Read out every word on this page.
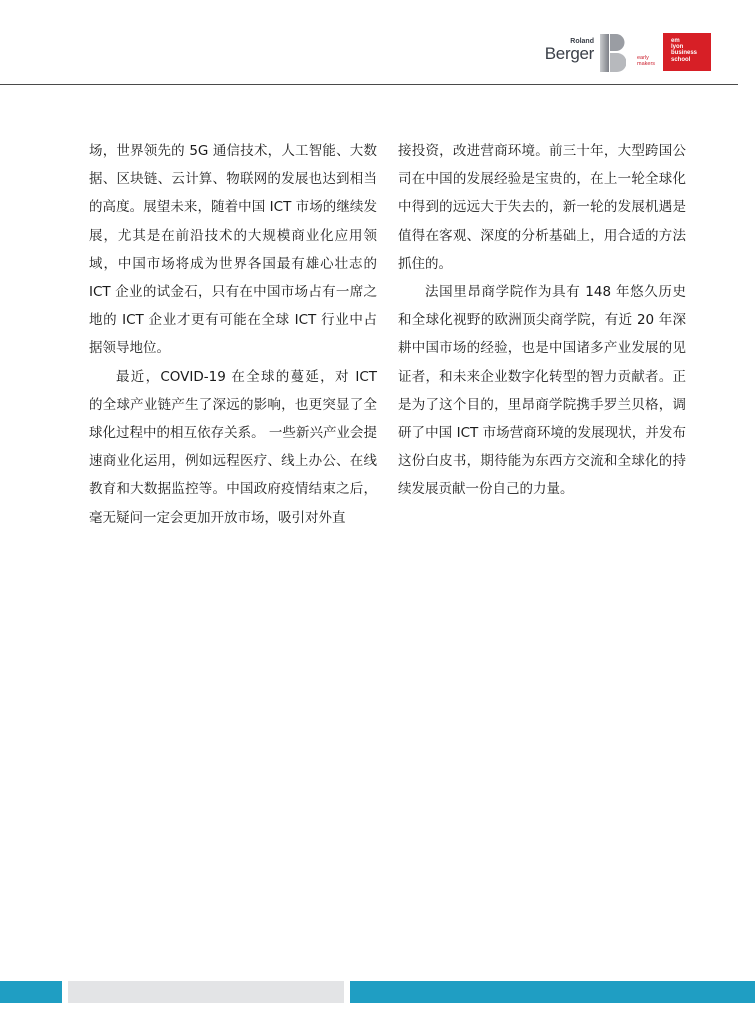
Roland
Berger	early makers
em
lyon
business
school

场，世界领先的 5G 通信技术，人工智能、大数据、区块链、云计算、物联网的发展也达到相当的高度。展望未来，随着中国 ICT 市场的继续发展，尤其是在前沿技术的大规模商业化应用领域，中国市场将成为世界各国最有雄心壮志的 ICT 企业的试金石，只有在中国市场占有一席之地的 ICT 企业才更有可能在全球 ICT 行业中占据领导地位。

最近，COVID-19 在全球的蔓延，对 ICT 的全球产业链产生了深远的影响，也更突显了全球化过程中的相互依存关系。 一些新兴产业会提速商业化运用，例如远程医疗、线上办公、在线教育和大数据监控等。中国政府疫情结束之后，毫无疑问一定会更加开放市场，吸引对外直

接投资，改进营商环境。前三十年，大型跨国公司在中国的发展经验是宝贵的，在上一轮全球化中得到的远远大于失去的，新一轮的发展机遇是值得在客观、深度的分析基础上，用合适的方法抓住的。

法国里昂商学院作为具有 148 年悠久历史和全球化视野的欧洲顶尖商学院，有近 20 年深耕中国市场的经验，也是中国诸多产业发展的见证者，和未来企业数字化转型的智力贡献者。正是为了这个目的，里昂商学院携手罗兰贝格，调研了中国 ICT 市场营商环境的发展现状，并发布这份白皮书，期待能为东西方交流和全球化的持续发展贡献一份自己的力量。
